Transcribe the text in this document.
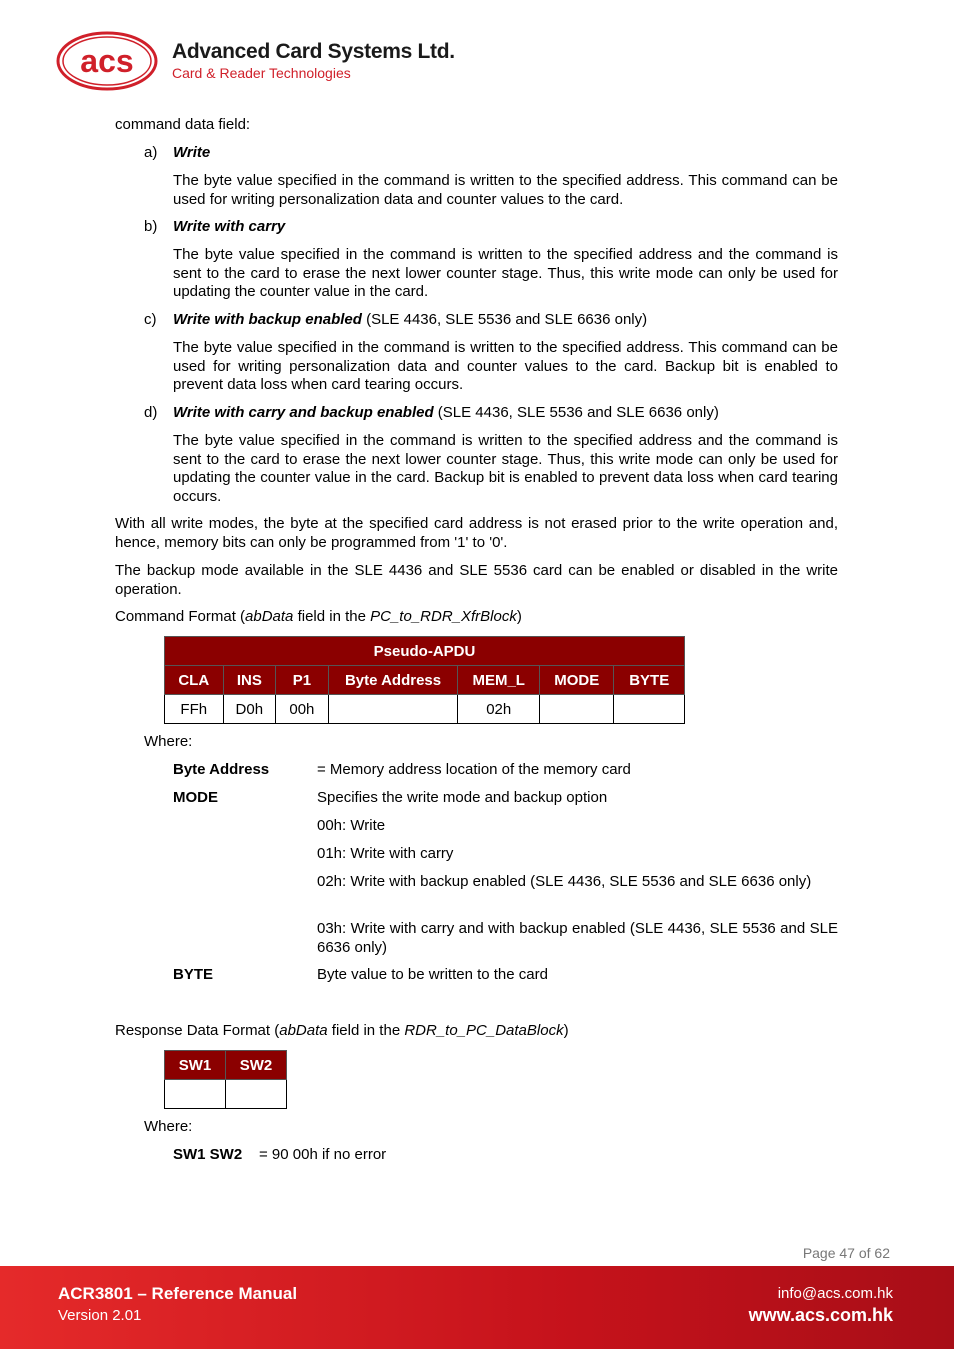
acs Advanced Card Systems Ltd.
Card & Reader Technologies
command data field:
a) Write
The byte value specified in the command is written to the specified address. This command can be used for writing personalization data and counter values to the card.
b) Write with carry
The byte value specified in the command is written to the specified address and the command is sent to the card to erase the next lower counter stage. Thus, this write mode can only be used for updating the counter value in the card.
c) Write with backup enabled (SLE 4436, SLE 5536 and SLE 6636 only)
The byte value specified in the command is written to the specified address. This command can be used for writing personalization data and counter values to the card. Backup bit is enabled to prevent data loss when card tearing occurs.
d) Write with carry and backup enabled (SLE 4436, SLE 5536 and SLE 6636 only)
The byte value specified in the command is written to the specified address and the command is sent to the card to erase the next lower counter stage. Thus, this write mode can only be used for updating the counter value in the card. Backup bit is enabled to prevent data loss when card tearing occurs.
With all write modes, the byte at the specified card address is not erased prior to the write operation and, hence, memory bits can only be programmed from '1' to '0'.
The backup mode available in the SLE 4436 and SLE 5536 card can be enabled or disabled in the write operation.
Command Format (abData field in the PC_to_RDR_XfrBlock)
Pseudo-APDU						
CLA	INS	P1	Byte Address	MEM_L	MODE	BYTE
FFh	D0h	00h		02h		
Where:
Byte Address	= Memory address location of the memory card
MODE	Specifies the write mode and backup option
00h: Write
01h: Write with carry
02h: Write with backup enabled (SLE 4436, SLE 5536 and SLE 6636 only)
03h: Write with carry and with backup enabled (SLE 4436, SLE 5536 and SLE 6636 only)
BYTE	Byte value to be written to the card
Response Data Format (abData field in the RDR_to_PC_DataBlock)
SW1	SW2

Where:
SW1 SW2 = 90 00h if no error
Page 47 of 62
ACR3801 – Reference Manual
Version 2.01
info@acs.com.hk
www.acs.com.hk
